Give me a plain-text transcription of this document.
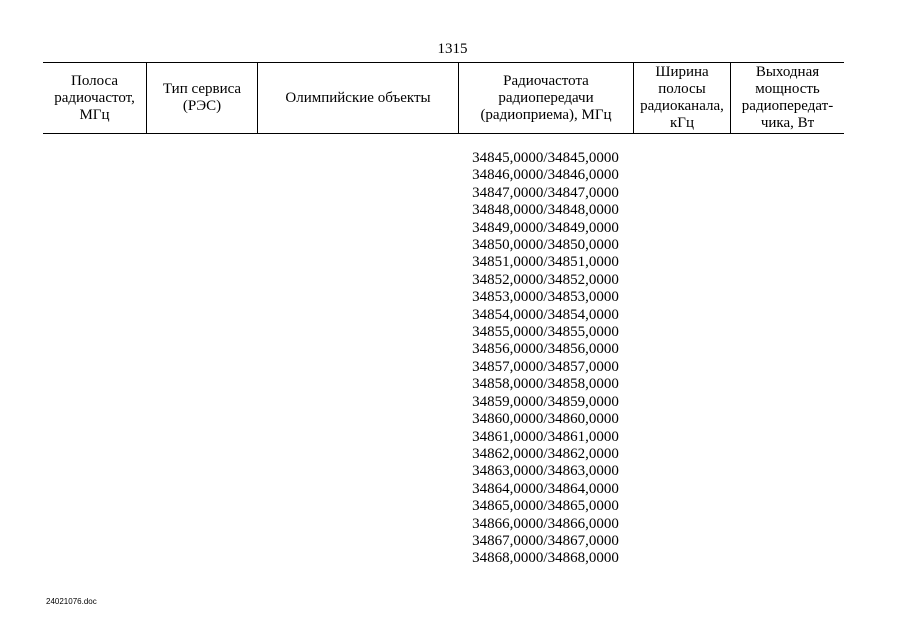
1315
Полоса радиочастот, МГц
Тип сервиса (РЭС)
Олимпийские объекты
Радиочастота радиопередачи (радиоприема), МГц
Ширина полосы радиоканала, кГц
Выходная мощность радиопередат-чика, Вт
34845,0000/34845,0000
34846,0000/34846,0000
34847,0000/34847,0000
34848,0000/34848,0000
34849,0000/34849,0000
34850,0000/34850,0000
34851,0000/34851,0000
34852,0000/34852,0000
34853,0000/34853,0000
34854,0000/34854,0000
34855,0000/34855,0000
34856,0000/34856,0000
34857,0000/34857,0000
34858,0000/34858,0000
34859,0000/34859,0000
34860,0000/34860,0000
34861,0000/34861,0000
34862,0000/34862,0000
34863,0000/34863,0000
34864,0000/34864,0000
34865,0000/34865,0000
34866,0000/34866,0000
34867,0000/34867,0000
34868,0000/34868,0000
24021076.doc
